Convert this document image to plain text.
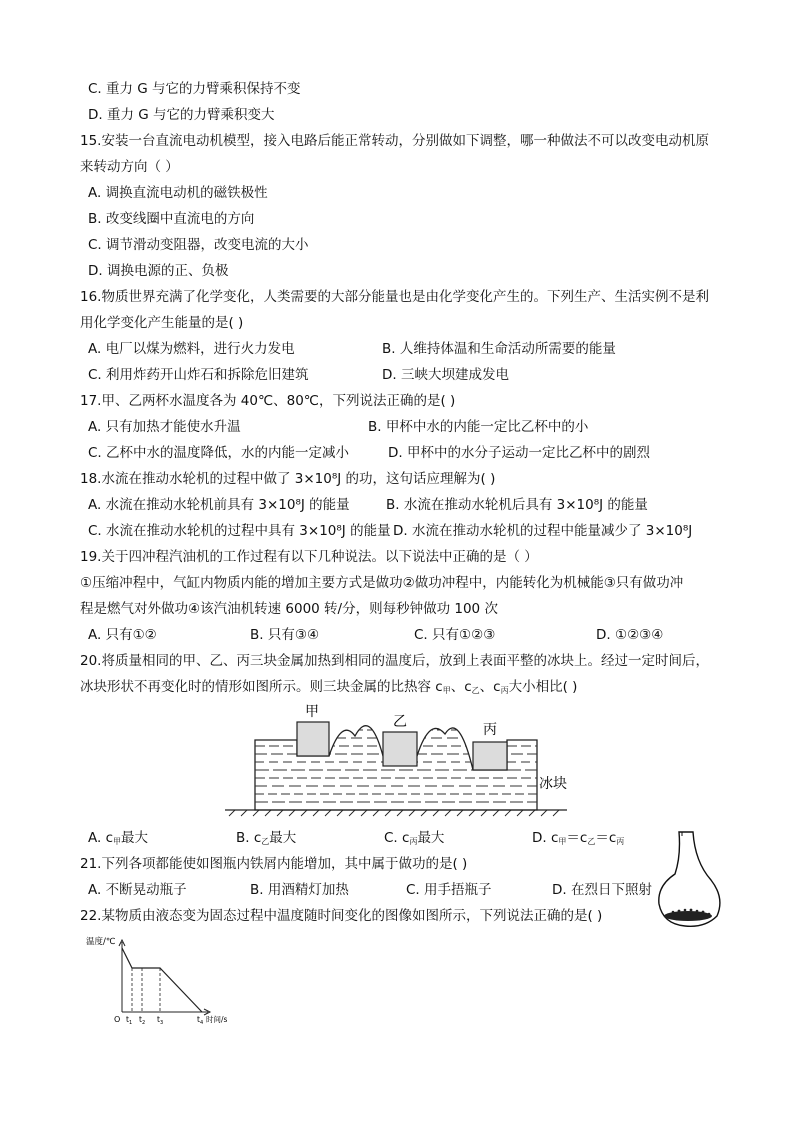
C. 重力 G 与它的力臂乘积保持不变
D. 重力 G 与它的力臂乘积变大
15.安装一台直流电动机模型，接入电路后能正常转动，分别做如下调整，哪一种做法不可以改变电动机原
来转动方向（ ）
A. 调换直流电动机的磁铁极性
B. 改变线圈中直流电的方向
C. 调节滑动变阻器，改变电流的大小
D. 调换电源的正、负极
16.物质世界充满了化学变化，人类需要的大部分能量也是由化学变化产生的。下列生产、生活实例不是利
用化学变化产生能量的是( )
A. 电厂以煤为燃料，进行火力发电	B. 人维持体温和生命活动所需要的能量
C. 利用炸药开山炸石和拆除危旧建筑	D. 三峡大坝建成发电
17.甲、乙两杯水温度各为 40℃、80℃，下列说法正确的是( )
A. 只有加热才能使水升温	B. 甲杯中水的内能一定比乙杯中的小
C. 乙杯中水的温度降低，水的内能一定减小	D. 甲杯中的水分子运动一定比乙杯中的剧烈
18.水流在推动水轮机的过程中做了 3×10⁸J 的功，这句话应理解为( )
A. 水流在推动水轮机前具有 3×10⁸J 的能量	B. 水流在推动水轮机后具有 3×10⁸J 的能量
C. 水流在推动水轮机的过程中具有 3×10⁸J 的能量 D. 水流在推动水轮机的过程中能量减少了 3×10⁸J
19.关于四冲程汽油机的工作过程有以下几种说法。以下说法中正确的是（ ）
①压缩冲程中，气缸内物质内能的增加主要方式是做功②做功冲程中，内能转化为机械能③只有做功冲
程是燃气对外做功④该汽油机转速 6000 转/分，则每秒钟做功 100 次
A. 只有①②	B. 只有③④	C. 只有①②③	D. ①②③④
20.将质量相同的甲、乙、丙三块金属加热到相同的温度后，放到上表面平整的冰块上。经过一定时间后，
冰块形状不再变化时的情形如图所示。则三块金属的比热容 $c_甲$、$c_乙$、$c_丙$大小相比( )
甲
乙	丙
冰块
A. $c_甲$最大	B. $c_乙$最大	C. $c_丙$最大	D. $c_甲=c_乙=c_丙$
21.下列各项都能使如图瓶内铁屑内能增加，其中属于做功的是( )
A. 不断晃动瓶子	B. 用酒精灯加热	C. 用手捂瓶子	D. 在烈日下照射
22.某物质由液态变为固态过程中温度随时间变化的图像如图所示，下列说法正确的是( )
温度/℃
O $t_1$ $t_2$ $t_3$	$t_4$ 时间/s
